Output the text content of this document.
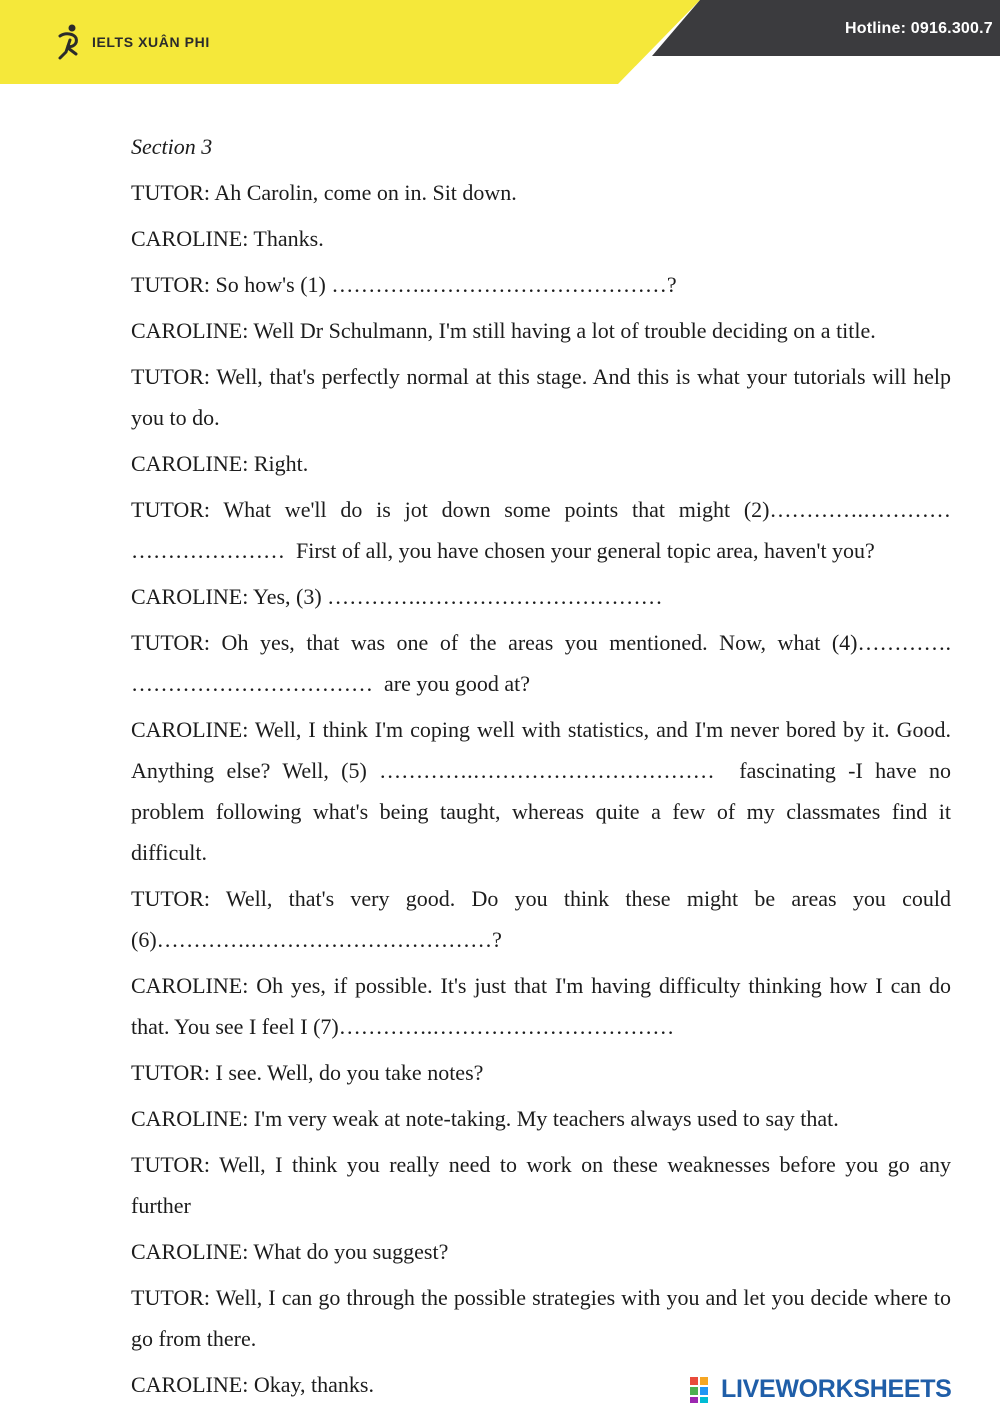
IELTS XUÂN PHI
Hotline: 0916.300.7

Section 3

TUTOR: Ah Carolin, come on in. Sit down.

CAROLINE: Thanks.

TUTOR: So how's (1) ………….……………………………?

CAROLINE: Well Dr Schulmann, I'm still having a lot of trouble deciding on a title.

TUTOR: Well, that's perfectly normal at this stage. And this is what your tutorials will help you to do.

CAROLINE: Right.

TUTOR: What we'll do is jot down some points that might (2)………….………… …………………  First of all, you have chosen your general topic area, haven't you?

CAROLINE: Yes, (3) ………….……………………………

TUTOR: Oh yes, that was one of the areas you mentioned. Now, what (4)…………. ……………………………  are you good at?

CAROLINE: Well, I think I'm coping well with statistics, and I'm never bored by it. Good. Anything else? Well, (5) ………….……………………………  fascinating -I have no problem following what's being taught, whereas quite a few of my classmates find it difficult.

TUTOR: Well, that's very good. Do you think these might be areas you could (6)………….……………………………?

CAROLINE: Oh yes, if possible. It's just that I'm having difficulty thinking how I can do that. You see I feel I (7)………….……………………………

TUTOR: I see. Well, do you take notes?

CAROLINE: I'm very weak at note-taking. My teachers always used to say that.

TUTOR: Well, I think you really need to work on these weaknesses before you go any further

CAROLINE: What do you suggest?

TUTOR: Well, I can go through the possible strategies with you and let you decide where to go from there.

CAROLINE: Okay, thanks.	LIVEWORKSHEETS
